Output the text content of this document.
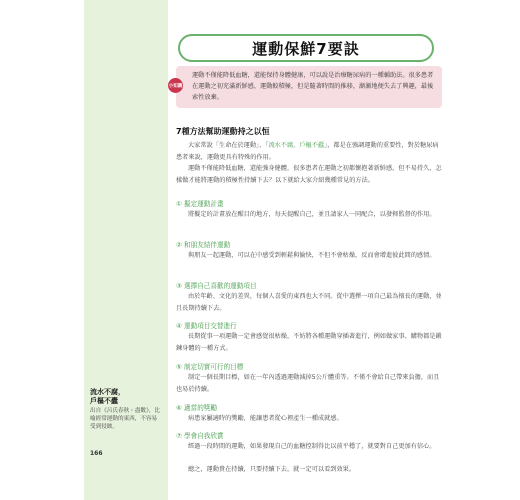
運動保鮮7要訣
運動不僅能降低血糖，還能保持身體健康，可以說是治療糖尿病的一種輔助法。很多患者在運動之初充滿新鮮感，運動較積極，但是隨著時間的推移，漸漸地便失去了興趣，最後索性放棄。
小知識
7種方法幫助運動持之以恒
大家常說「生命在於運動」、「流水不腐，戶樞不蠹」，都是在強調運動的重要性，對於糖尿病患者來說，運動更具有特殊的作用。
運動不僅能降低血糖，還能強身健體，很多患者在運動之初都懷抱著新鮮感，但不易持久，怎樣做才能將運動的積極性持續下去？以下就給大家介紹幾種常見的方法。
① 擬定運動計畫
將擬定的計畫放在醒目的地方，每天提醒自己，並且請家人一同配合，以發揮監督的作用。
② 和朋友結伴運動
與朋友一起運動，可以在中感受到輕鬆與愉快，不但不會枯燥，反而會增進彼此間的感情。
③ 選擇自己喜歡的運動項目
由於年齡、文化的差異，每個人喜愛的東西也大不同。從中選擇一項自己最為擅長的運動，並且長期持續下去。
④ 運動項目交替進行
長期從事一項運動一定會感覺很枯燥，不妨將各種運動穿插著進行，例如做家事、購物都是鍛鍊身體的一種方式。
⑤ 制定切實可行的目標
制定一個長期目標，如在一年內透過運動減掉5公斤體重等。不僅不會給自己帶來負擔，而且也易於持續。
⑥ 適當的獎勵
病患家屬適時的獎勵，能讓患者從心裡產生一種成就感。
⑦ 學會自我欣賞
經過一段時間的運動，如果發現自己的血糖控制得比以前平穩了，就要對自己更加有信心。
總之，運動貴在持續，只要持續下去，就一定可以看到效果。
流水不腐，
戶樞不蠹
出自《呂氏春秋・盡數》，比喻經常運動的東西，不容易受到侵蝕。
166
